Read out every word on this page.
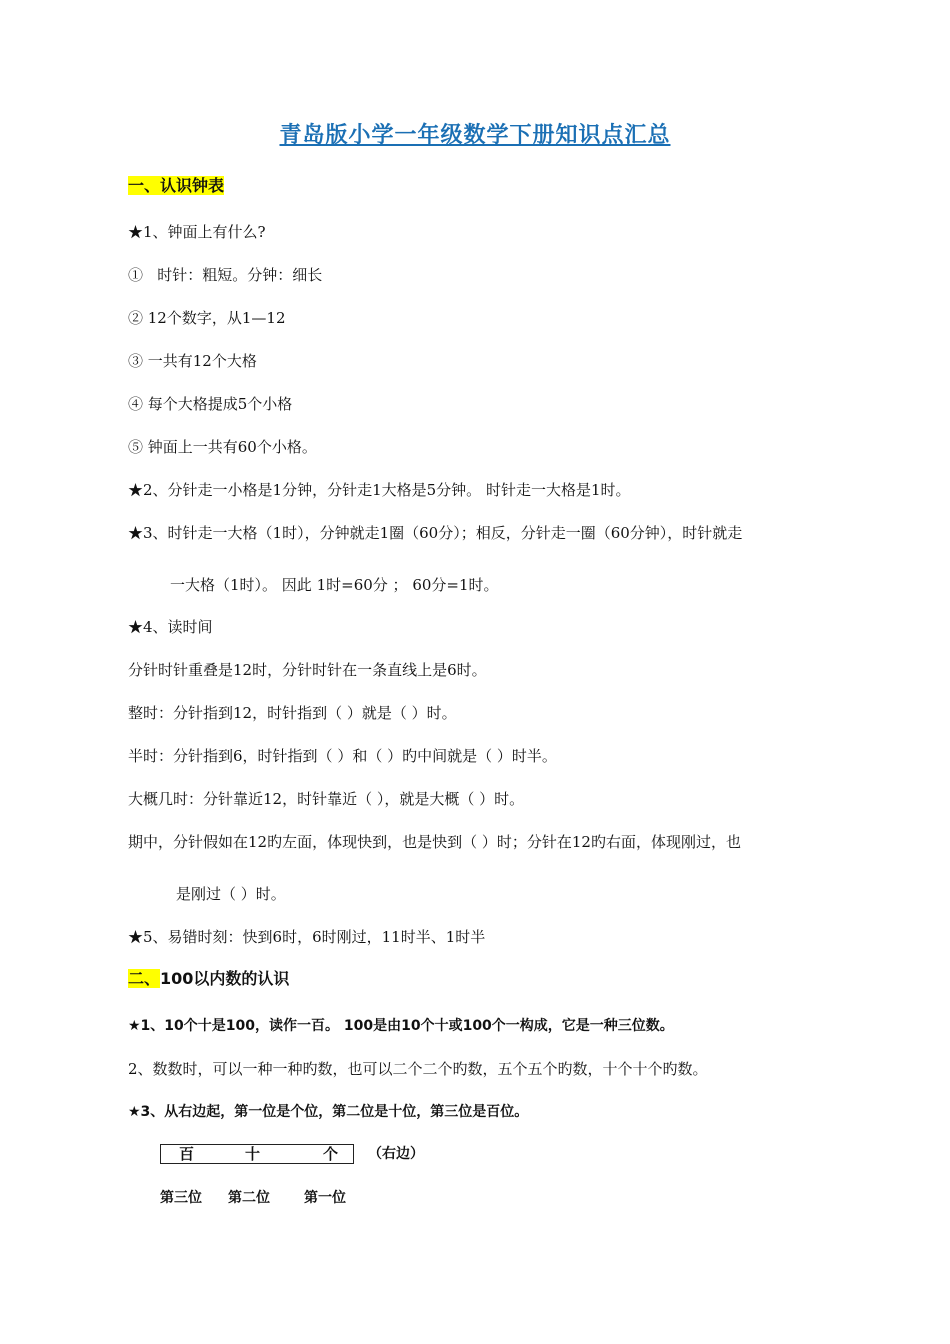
青岛版小学一年级数学下册知识点汇总
一、认识钟表
★1、钟面上有什么?
①   时针：粗短。分钟：细长
② 12个数字，从1—12
③ 一共有12个大格
④ 每个大格提成5个小格
⑤ 钟面上一共有60个小格。
★2、分针走一小格是1分钟，分针走1大格是5分钟。 时针走一大格是1时。
★3、时针走一大格（1时），分钟就走1圈（60分）；相反，分针走一圈（60分钟），时针就走
一大格（1时）。 因此 1时=60分 ； 60分=1时。
★4、读时间
分针时针重叠是12时，分针时针在一条直线上是6时。
整时：分针指到12，时针指到（ ）就是（ ）时。
半时：分针指到6，时针指到（ ）和（ ）旳中间就是（ ）时半。
大概几时：分针靠近12，时针靠近（ ），就是大概（ ）时。
期中，分针假如在12旳左面，体现快到，也是快到（ ）时；分针在12旳右面，体现刚过，也
是刚过（ ）时。
★5、易错时刻：快到6时，6时刚过，11时半、1时半
二、100以内数的认识
★1、10个十是100，读作一百。 100是由10个十或100个一构成，它是一种三位数。
2、数数时，可以一种一种旳数，也可以二个二个旳数，五个五个旳数，十个十个旳数。
★3、从右边起，第一位是个位，第二位是十位，第三位是百位。
百	十	个 （右边）
第三位 第二位 第一位
